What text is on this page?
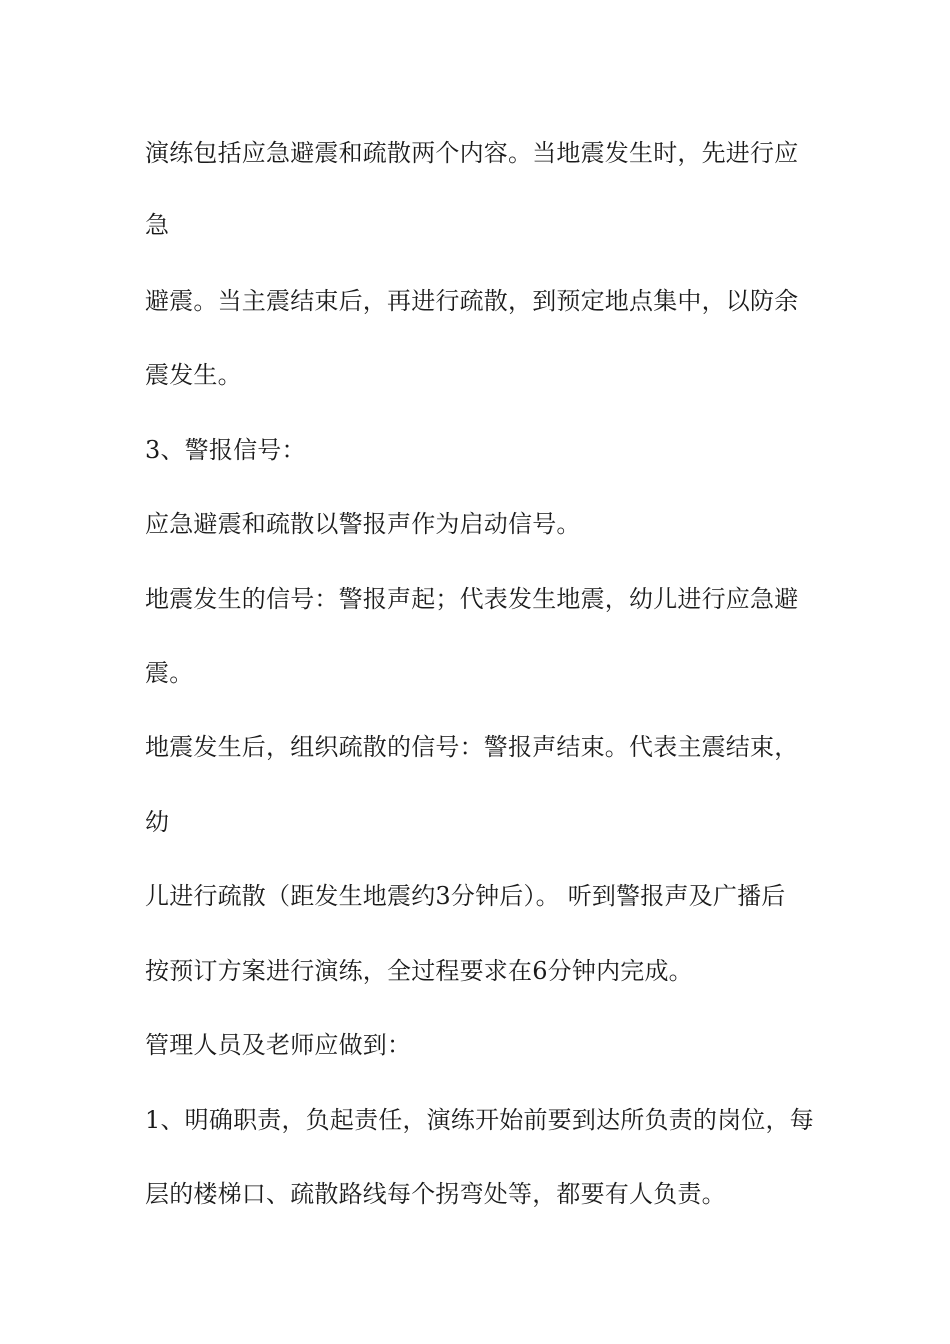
演练包括应急避震和疏散两个内容。当地震发生时，先进行应
急
避震。当主震结束后，再进行疏散，到预定地点集中，以防余
震发生。
3、警报信号：
应急避震和疏散以警报声作为启动信号。
地震发生的信号：警报声起；代表发生地震，幼儿进行应急避
震。
地震发生后，组织疏散的信号：警报声结束。代表主震结束，
幼
儿进行疏散（距发生地震约3分钟后）。 听到警报声及广播后
按预订方案进行演练，全过程要求在6分钟内完成。
管理人员及老师应做到：
1、明确职责，负起责任，演练开始前要到达所负责的岗位，每
层的楼梯口、疏散路线每个拐弯处等，都要有人负责。
